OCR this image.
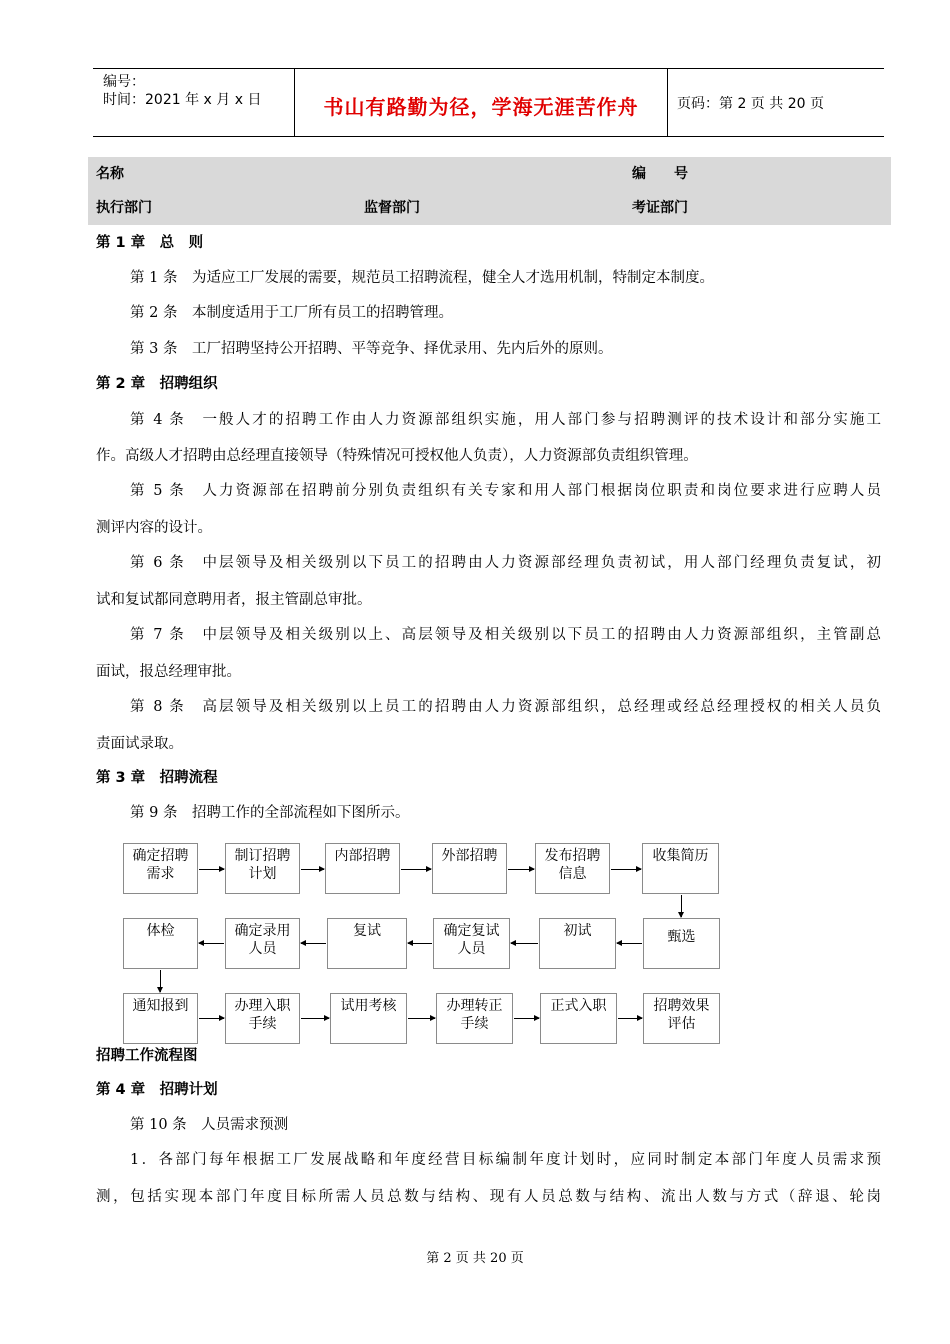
编号：
时间：2021 年 x 月 x 日	书山有路勤为径，学海无涯苦作舟	页码：第 2 页 共 20 页
名称	编　　号
执行部门	监督部门	考证部门
第 1 章　总　则
第 1 条　为适应工厂发展的需要，规范员工招聘流程，健全人才选用机制，特制定本制度。
第 2 条　本制度适用于工厂所有员工的招聘管理。
第 3 条　工厂招聘坚持公开招聘、平等竞争、择优录用、先内后外的原则。
第 2 章　招聘组织
第 4 条　一般人才的招聘工作由人力资源部组织实施，用人部门参与招聘测评的技术设计和部分实施工
作。高级人才招聘由总经理直接领导（特殊情况可授权他人负责），人力资源部负责组织管理。
第 5 条　人力资源部在招聘前分别负责组织有关专家和用人部门根据岗位职责和岗位要求进行应聘人员
测评内容的设计。
第 6 条　中层领导及相关级别以下员工的招聘由人力资源部经理负责初试，用人部门经理负责复试，初
试和复试都同意聘用者，报主管副总审批。
第 7 条　中层领导及相关级别以上、高层领导及相关级别以下员工的招聘由人力资源部组织，主管副总
面试，报总经理审批。
第 8 条　高层领导及相关级别以上员工的招聘由人力资源部组织，总经理或经总经理授权的相关人员负
责面试录取。
第 3 章　招聘流程
第 9 条　招聘工作的全部流程如下图所示。
确定招聘
需求
制订招聘
计划
内部招聘	外部招聘	发布招聘
信息
收集简历
体检	确定录用
人员
复试	确定复试
人员
初试	甄选
通知报到	办理入职
手续
试用考核	办理转正
手续
正式入职	招聘效果
评估
招聘工作流程图
第 4 章　招聘计划
第 10 条　人员需求预测
1．各部门每年根据工厂发展战略和年度经营目标编制年度计划时，应同时制定本部门年度人员需求预
测，包括实现本部门年度目标所需人员总数与结构、现有人员总数与结构、流出人数与方式（辞退、轮岗
第 2 页 共 20 页
